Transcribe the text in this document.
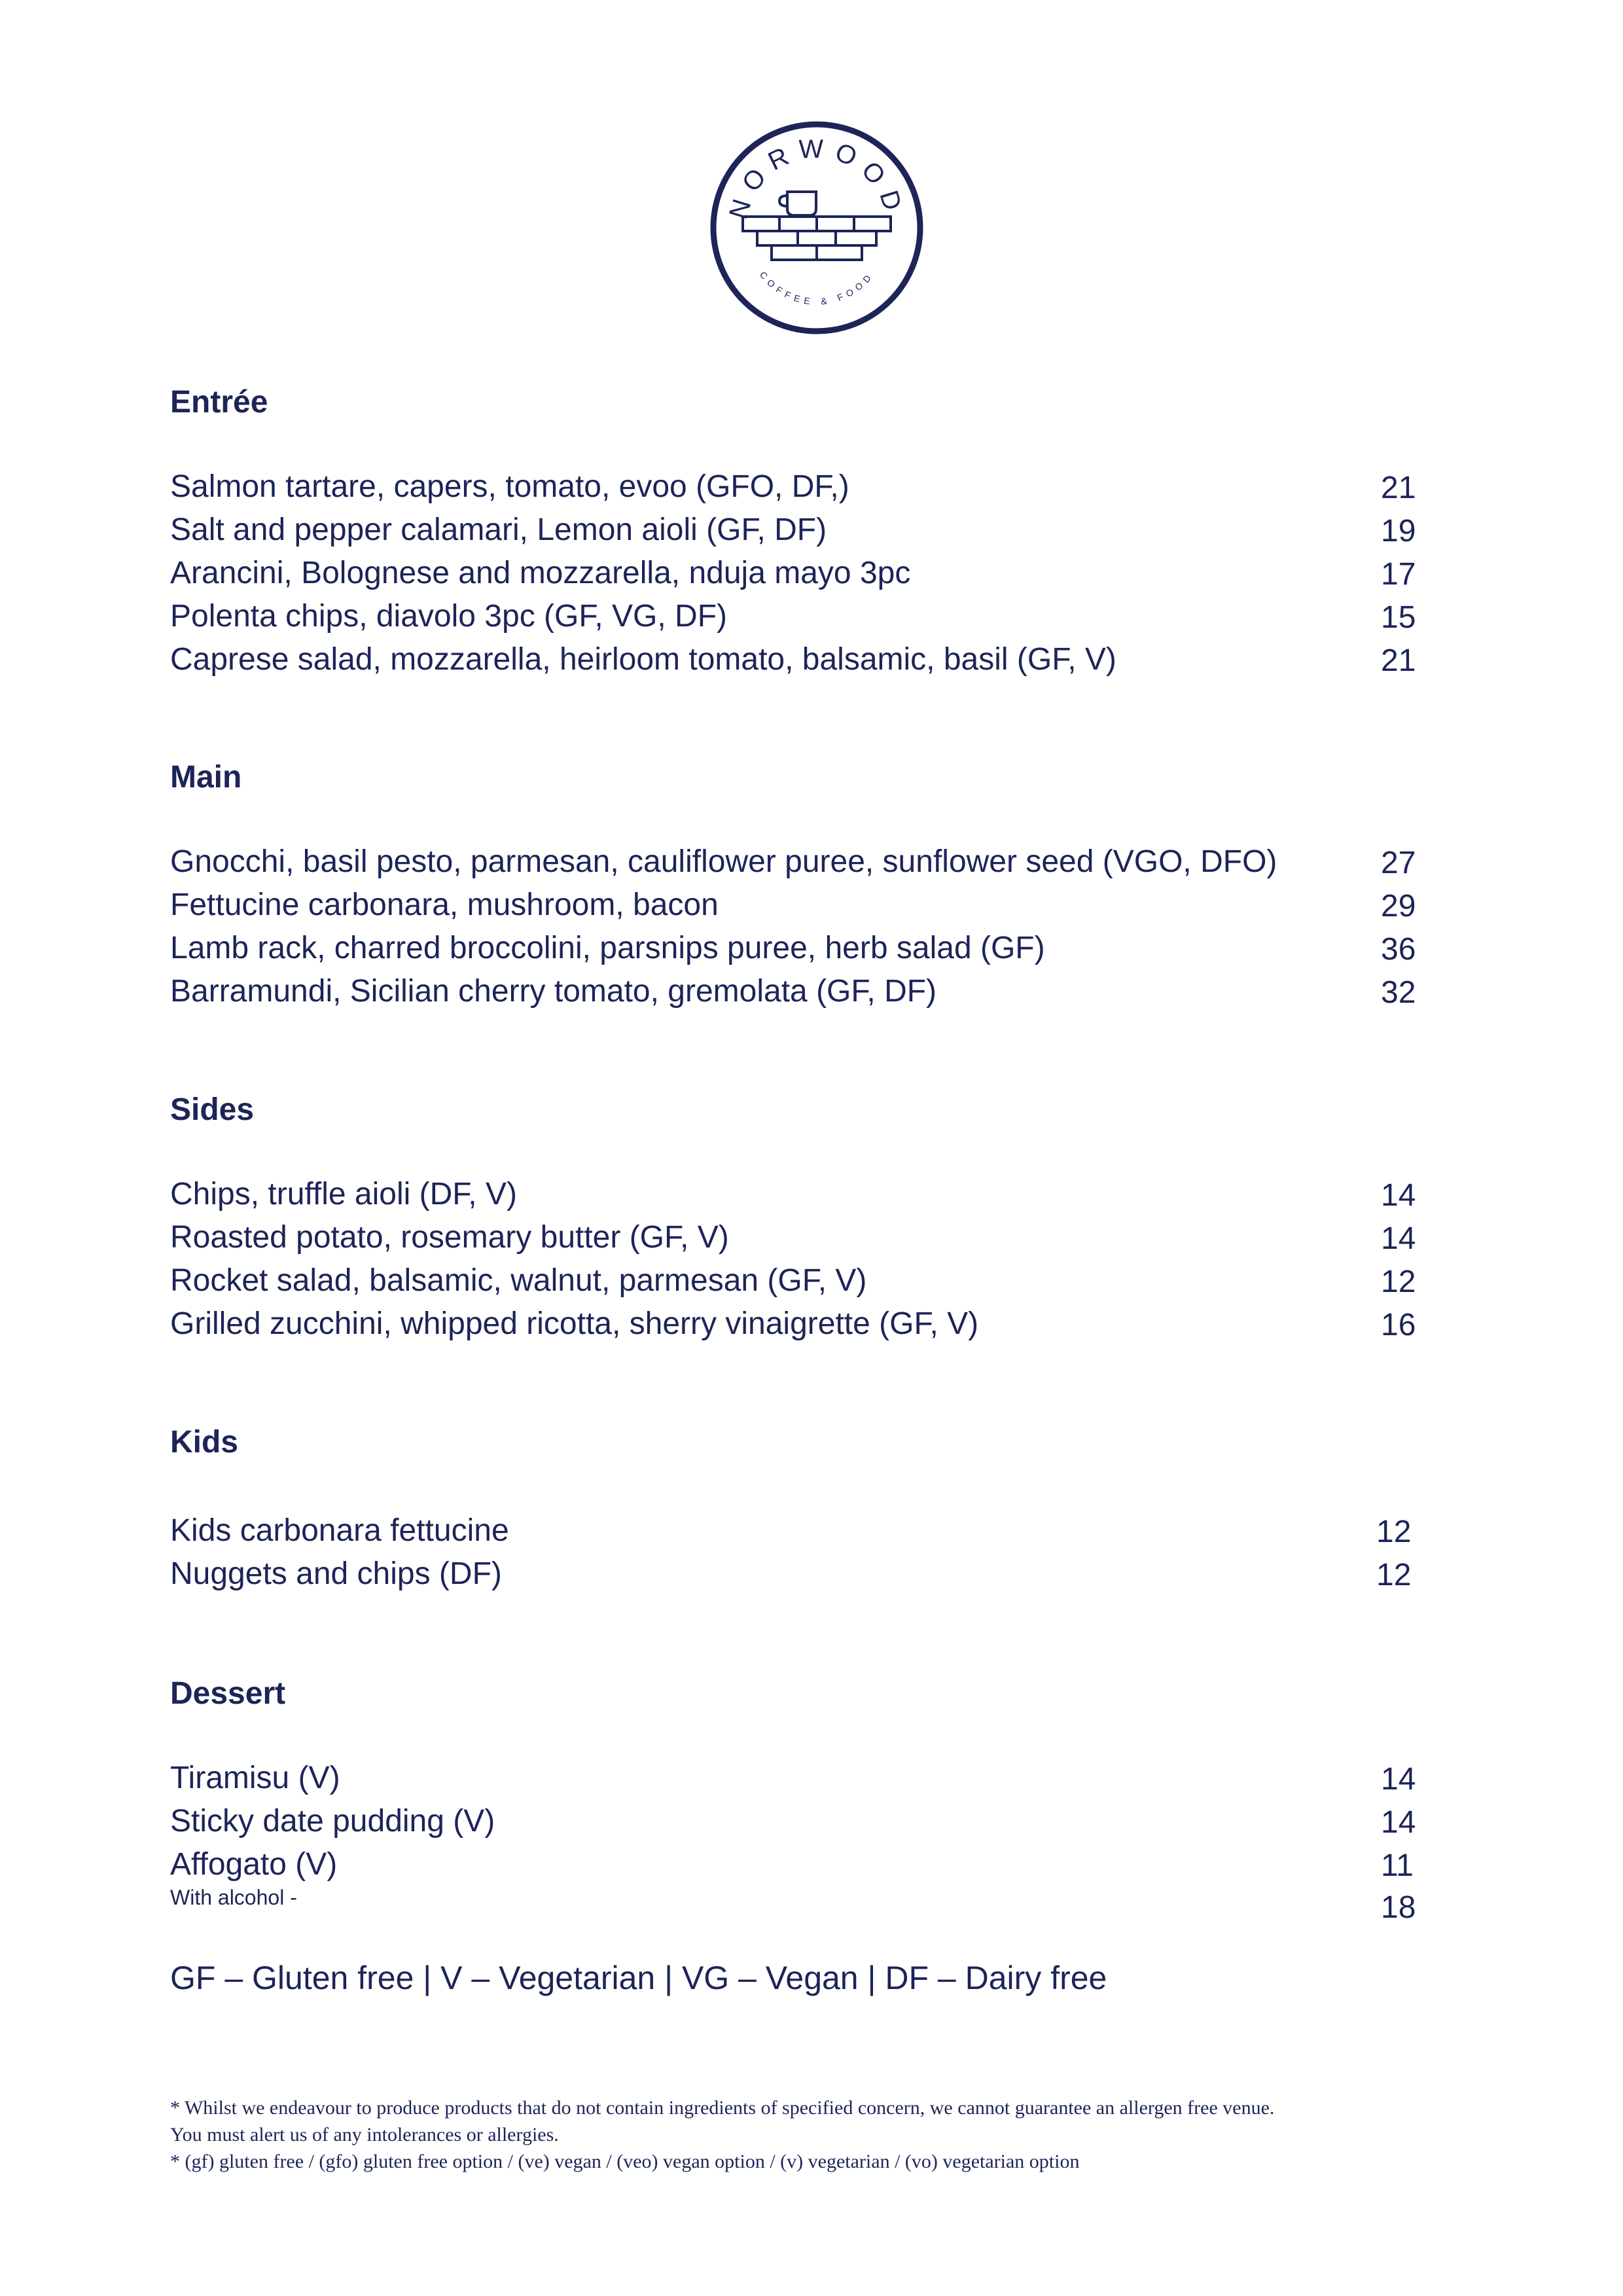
NORWOOD
COFFEE & FOOD
Entrée
Salmon tartare, capers, tomato, evoo (GFO, DF,)	21
Salt and pepper calamari, Lemon aioli (GF, DF)	19
Arancini, Bolognese and mozzarella, nduja mayo 3pc	17
Polenta chips, diavolo 3pc (GF, VG, DF)	15
Caprese salad, mozzarella, heirloom tomato, balsamic, basil (GF, V)	21
Main
Gnocchi, basil pesto, parmesan, cauliflower puree, sunflower seed (VGO, DFO)	27
Fettucine carbonara, mushroom, bacon	29
Lamb rack, charred broccolini, parsnips puree, herb salad (GF)	36
Barramundi, Sicilian cherry tomato, gremolata (GF, DF)	32
Sides
Chips, truffle aioli (DF, V)	14
Roasted potato, rosemary butter (GF, V)	14
Rocket salad, balsamic, walnut, parmesan (GF, V)	12
Grilled zucchini, whipped ricotta, sherry vinaigrette (GF, V)	16
Kids
Kids carbonara fettucine	12
Nuggets and chips (DF)	12
Dessert
Tiramisu (V)	14
Sticky date pudding (V)	14
Affogato (V)	11
With alcohol -	18
GF – Gluten free | V – Vegetarian | VG – Vegan | DF – Dairy free
* Whilst we endeavour to produce products that do not contain ingredients of specified concern, we cannot guarantee an allergen free venue.
You must alert us of any intolerances or allergies.
* (gf) gluten free / (gfo) gluten free option / (ve) vegan / (veo) vegan option / (v) vegetarian / (vo) vegetarian option
